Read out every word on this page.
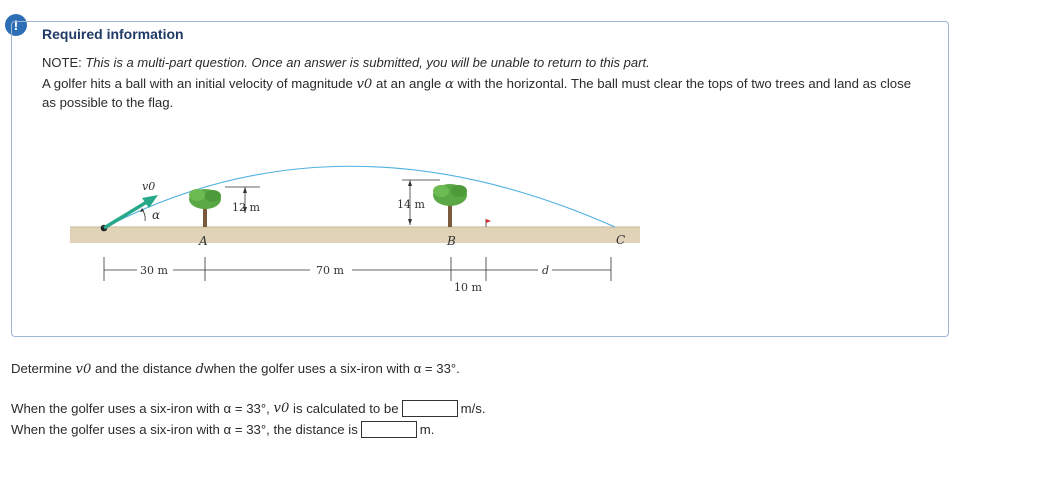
!
Required information
NOTE: This is a multi-part question. Once an answer is submitted, you will be unable to return to this part.
A golfer hits a ball with an initial velocity of magnitude v0 at an angle α with the horizontal. The ball must clear the tops of two trees and land as close as possible to the flag.
v0
α
12 m	14 m
A	B	C
30 m	70 m
10 m
d
Determine v0 and the distance dwhen the golfer uses a six-iron with α = 33°.
When the golfer uses a six-iron with α = 33°,
v0
is calculated to be	m/s.
When the golfer uses a six-iron with α = 33°, the distance is	m.
